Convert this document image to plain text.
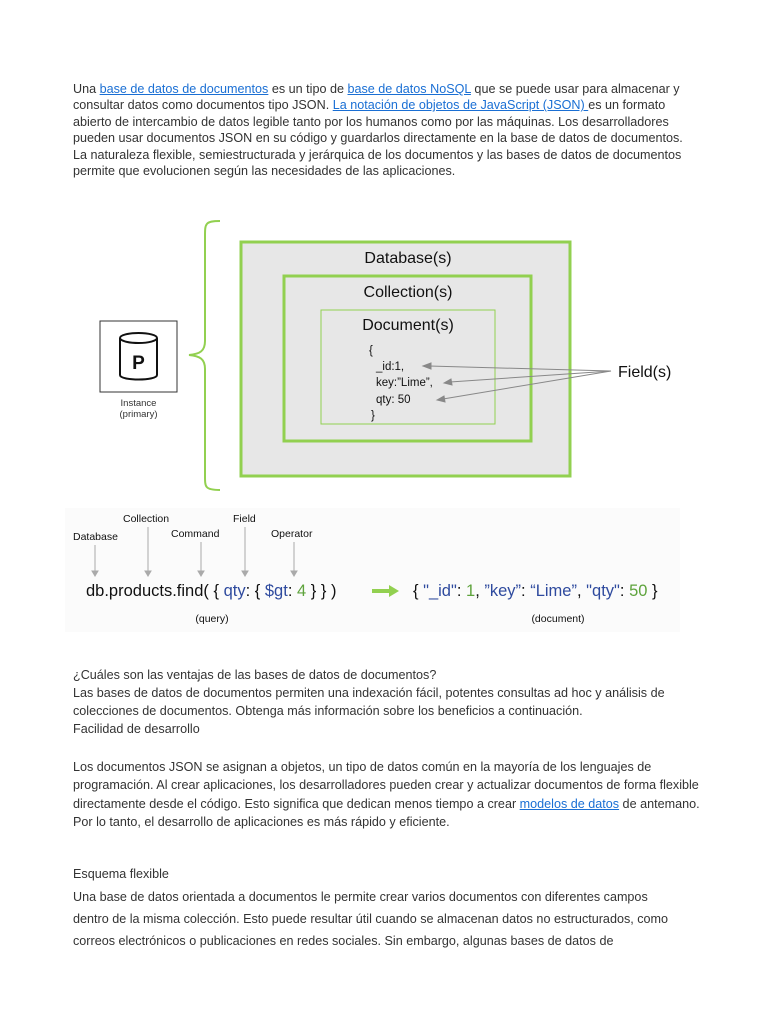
Una base de datos de documentos es un tipo de base de datos NoSQL que se puede usar para almacenar y consultar datos como documentos tipo JSON. La notación de objetos de JavaScript (JSON) es un formato abierto de intercambio de datos legible tanto por los humanos como por las máquinas. Los desarrolladores pueden usar documentos JSON en su código y guardarlos directamente en la base de datos de documentos. La naturaleza flexible, semiestructurada y jerárquica de los documentos y las bases de datos de documentos permite que evolucionen según las necesidades de las aplicaciones.

Database(s)
Collection(s)
Document(s)
{
_id:1,
key:”Lime”,
qty: 50
}
Field(s)
P
Instance
(primary)
Database
Collection
Command
Field
Operator
db.products.find( { qty: { $gt: 4 } } )	{ "_id": 1, ”key”: “Lime”, "qty": 50 }
(query)	(document)

¿Cuáles son las ventajas de las bases de datos de documentos?

Las bases de datos de documentos permiten una indexación fácil, potentes consultas ad hoc y análisis de

colecciones de documentos. Obtenga más información sobre los beneficios a continuación.

Facilidad de desarrollo

Los documentos JSON se asignan a objetos, un tipo de datos común en la mayoría de los lenguajes de programación. Al crear aplicaciones, los desarrolladores pueden crear y actualizar documentos de forma flexible directamente desde el código. Esto significa que dedican menos tiempo a crear modelos de datos de antemano. Por lo tanto, el desarrollo de aplicaciones es más rápido y eficiente.

Esquema flexible

Una base de datos orientada a documentos le permite crear varios documentos con diferentes campos

dentro de la misma colección. Esto puede resultar útil cuando se almacenan datos no estructurados, como

correos electrónicos o publicaciones en redes sociales. Sin embargo, algunas bases de datos de
